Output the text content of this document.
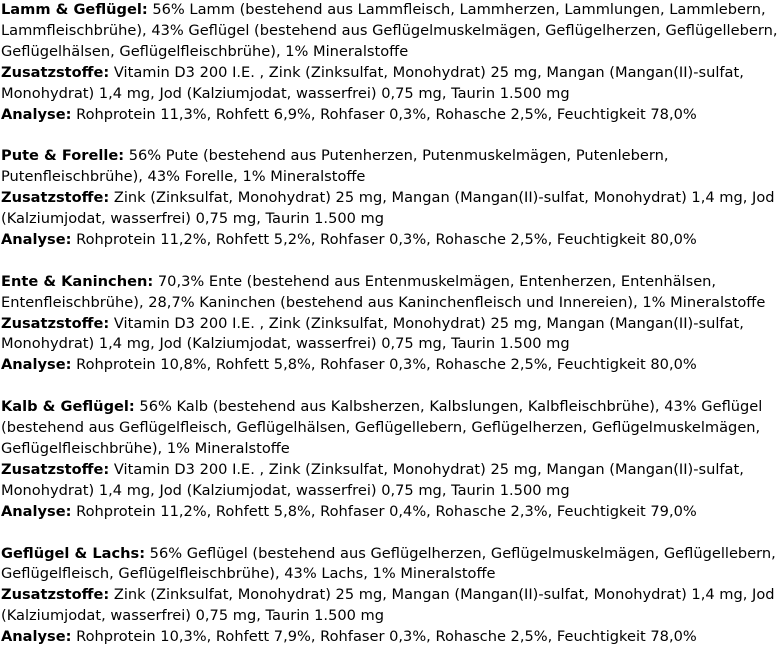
Lamm & Geflügel: 56% Lamm (bestehend aus Lammfleisch, Lammherzen, Lammlungen, Lammlebern, Lammfleischbrühe), 43% Geflügel (bestehend aus Geflügelmuskelmägen, Geflügelherzen, Geflügellebern, Geflügelhälsen, Geflügelfleischbrühe), 1% Mineralstoffe

Zusatzstoffe: Vitamin D3 200 I.E. , Zink (Zinksulfat, Monohydrat) 25 mg, Mangan (Mangan(II)-sulfat, Monohydrat) 1,4 mg, Jod (Kalziumjodat, wasserfrei) 0,75 mg, Taurin 1.500 mg

Analyse: Rohprotein 11,3%, Rohfett 6,9%, Rohfaser 0,3%, Rohasche 2,5%, Feuchtigkeit 78,0%

Pute & Forelle: 56% Pute (bestehend aus Putenherzen, Putenmuskelmägen, Putenlebern, Putenfleischbrühe), 43% Forelle, 1% Mineralstoffe

Zusatzstoffe: Zink (Zinksulfat, Monohydrat) 25 mg, Mangan (Mangan(II)-sulfat, Monohydrat) 1,4 mg, Jod (Kalziumjodat, wasserfrei) 0,75 mg, Taurin 1.500 mg

Analyse: Rohprotein 11,2%, Rohfett 5,2%, Rohfaser 0,3%, Rohasche 2,5%, Feuchtigkeit 80,0%

Ente & Kaninchen: 70,3% Ente (bestehend aus Entenmuskelmägen, Entenherzen, Entenhälsen, Entenfleischbrühe), 28,7% Kaninchen (bestehend aus Kaninchenfleisch und Innereien), 1% Mineralstoffe

Zusatzstoffe: Vitamin D3 200 I.E. , Zink (Zinksulfat, Monohydrat) 25 mg, Mangan (Mangan(II)-sulfat, Monohydrat) 1,4 mg, Jod (Kalziumjodat, wasserfrei) 0,75 mg, Taurin 1.500 mg

Analyse: Rohprotein 10,8%, Rohfett 5,8%, Rohfaser 0,3%, Rohasche 2,5%, Feuchtigkeit 80,0%

Kalb & Geflügel: 56% Kalb (bestehend aus Kalbsherzen, Kalbslungen, Kalbfleischbrühe), 43% Geflügel (bestehend aus Geflügelfleisch, Geflügelhälsen, Geflügellebern, Geflügelherzen, Geflügelmuskelmägen, Geflügelfleischbrühe), 1% Mineralstoffe

Zusatzstoffe: Vitamin D3 200 I.E. , Zink (Zinksulfat, Monohydrat) 25 mg, Mangan (Mangan(II)-sulfat, Monohydrat) 1,4 mg, Jod (Kalziumjodat, wasserfrei) 0,75 mg, Taurin 1.500 mg

Analyse: Rohprotein 11,2%, Rohfett 5,8%, Rohfaser 0,4%, Rohasche 2,3%, Feuchtigkeit 79,0%

Geflügel & Lachs: 56% Geflügel (bestehend aus Geflügelherzen, Geflügelmuskelmägen, Geflügellebern, Geflügelfleisch, Geflügelfleischbrühe), 43% Lachs, 1% Mineralstoffe

Zusatzstoffe: Zink (Zinksulfat, Monohydrat) 25 mg, Mangan (Mangan(II)-sulfat, Monohydrat) 1,4 mg, Jod (Kalziumjodat, wasserfrei) 0,75 mg, Taurin 1.500 mg

Analyse: Rohprotein 10,3%, Rohfett 7,9%, Rohfaser 0,3%, Rohasche 2,5%, Feuchtigkeit 78,0%
